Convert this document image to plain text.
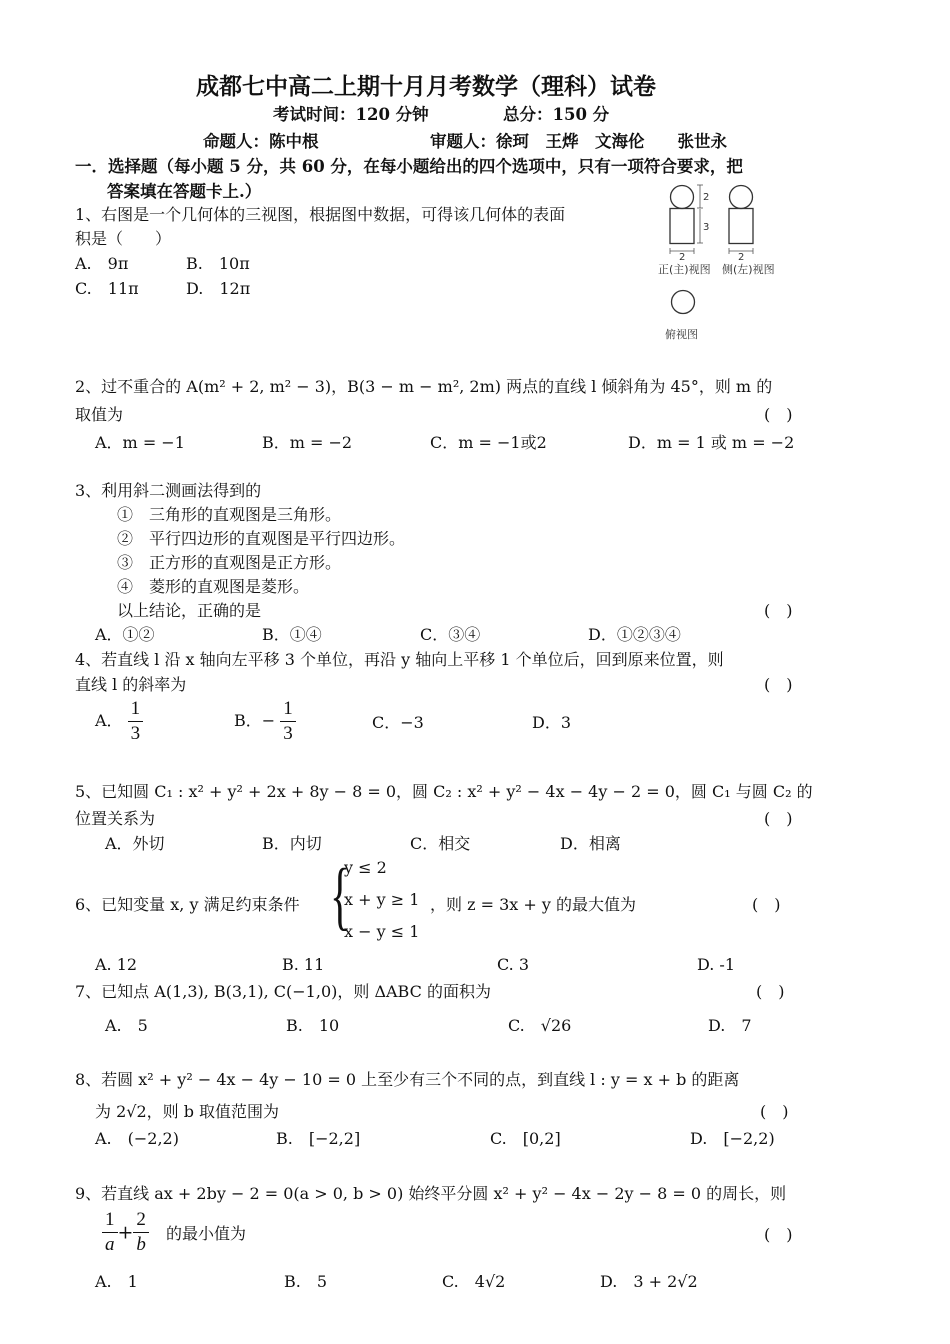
成都七中高二上期十月月考数学（理科）试卷
考试时间：120 分钟	总分：150 分
命题人：陈中根	审题人：徐珂　王烨　文海伦　　张世永
一．选择题（每小题 5 分，共 60 分，在每小题给出的四个选项中，只有一项符合要求，把
答案填在答题卡上.）	2
3
2	2
正(主)视图 侧(左)视图
俯视图
1、右图是一个几何体的三视图，根据图中数据，可得该几何体的表面
积是（　　）
A.　9π	B.　10π
C.　11π	D.　12π
2、过不重合的 A(m² + 2, m² − 3)，B(3 − m − m², 2m) 两点的直线 l 倾斜角为 45°，则 m 的
取值为	(　)
A．m = −1	B．m = −2	C．m = −1或2	D．m = 1 或 m = −2
3、利用斜二测画法得到的
①　三角形的直观图是三角形。
②　平行四边形的直观图是平行四边形。
③　正方形的直观图是正方形。
④　菱形的直观图是菱形。
以上结论，正确的是	(　)
A．①②	B．①④	C．③④	D．①②③④
4、若直线 l 沿 x 轴向左平移 3 个单位，再沿 y 轴向上平移 1 个单位后，回到原来位置，则
直线 l 的斜率为	(　)
A． $\frac{1}{3}$	B．− $\frac{1}{3}$	C．−3	D．3
5、已知圆 C₁ : x² + y² + 2x + 8y − 8 = 0，圆 C₂ : x² + y² − 4x − 4y − 2 = 0，圆 C₁ 与圆 C₂ 的
位置关系为	(　)
A．外切	B．内切	C．相交	D．相离
6、已知变量 x, y 满足约束条件 {
y ≤ 2
x + y ≥ 1
x − y ≤ 1
，则 z = 3x + y 的最大值为	(　)
A. 12	B. 11	C. 3	D. -1
7、已知点 A(1,3), B(3,1), C(−1,0)，则 ΔABC 的面积为	(　)
A.　5	B.　10	C.　√26	D.　7
8、若圆 x² + y² − 4x − 4y − 10 = 0 上至少有三个不同的点，到直线 l : y = x + b 的距离
为 2√2，则 b 取值范围为	(　)
A.　(−2,2)	B.　[−2,2]	C.　[0,2]	D.　[−2,2)
9、若直线 ax + 2by − 2 = 0(a > 0, b > 0) 始终平分圆 x² + y² − 4x − 2y − 8 = 0 的周长，则
$\frac{1}{a} + \frac{2}{b}$ 的最小值为	(　)
A.　1	B.　5	C.　4√2	D.　3 + 2√2
